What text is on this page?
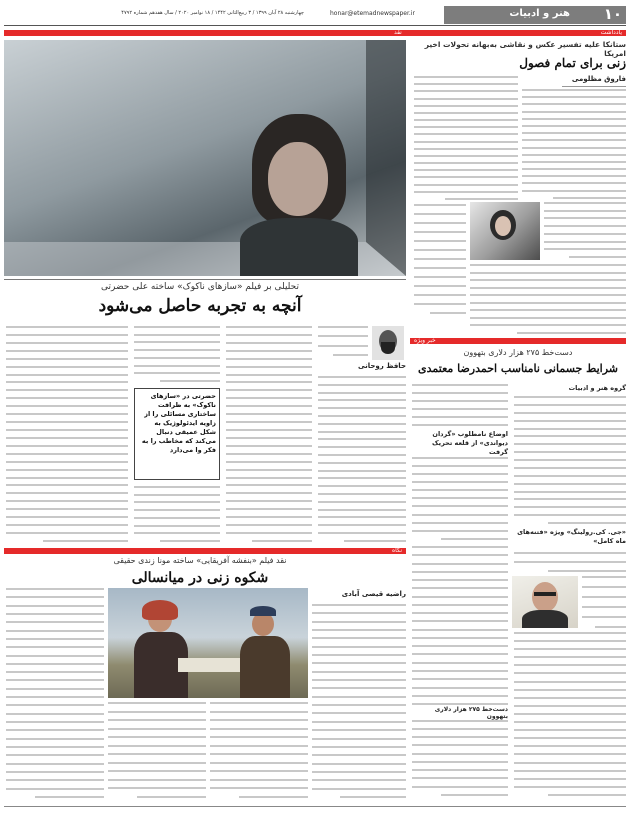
۱۰
هنر و ادبیات
honar@etemadnewspaper.ir
چهارشنبه ۲۸ آبان ۱۳۹۹ / ۳ ربیع‌الثانی ۱۴۴۲ / ۱۸ نوامبر ۲۰۲۰ / سال هفدهم شماره ۴۷۹۲
یادداشت
نقد
ستانکا علیه تفسیر عکس و نقاشی به‌بهانه تحولات اخیر امریکا
زنی برای تمام فصول
فاروق مظلومی
تحلیلی بر فیلم «سازهای ناکوک» ساخته علی حضرتی
آنچه به تجربه حاصل می‌شود
حافظ روحانی
حضرتی در «سازهای ناکوک» به ظرافت ساختاری مسائلی را از زاویه ایدئولوژیک به شکل عمیقی دنبال می‌کند که مخاطب را به فکر وا می‌دارد
خبر ویژه
دست‌خط ۲۷۵ هزار دلاری بتهوون
شرایط جسمانی نامناسب احمدرضا معتمدی
گروه هنر و ادبیات
اوضاع نامطلوب «گردان دیواندی» از قلعه تحریک گرفت
«جی. کی.رولینگ» ویژه «فتنه‌های ماه کامل»
نگاه
نقد فیلم «بنفشه آفریقایی» ساخته مونا زندی حقیقی
شکوه زنی در میانسالی
راضیه قیصی آبادی
دست‌خط ۲۷۵ هزار دلاری بتهوون
